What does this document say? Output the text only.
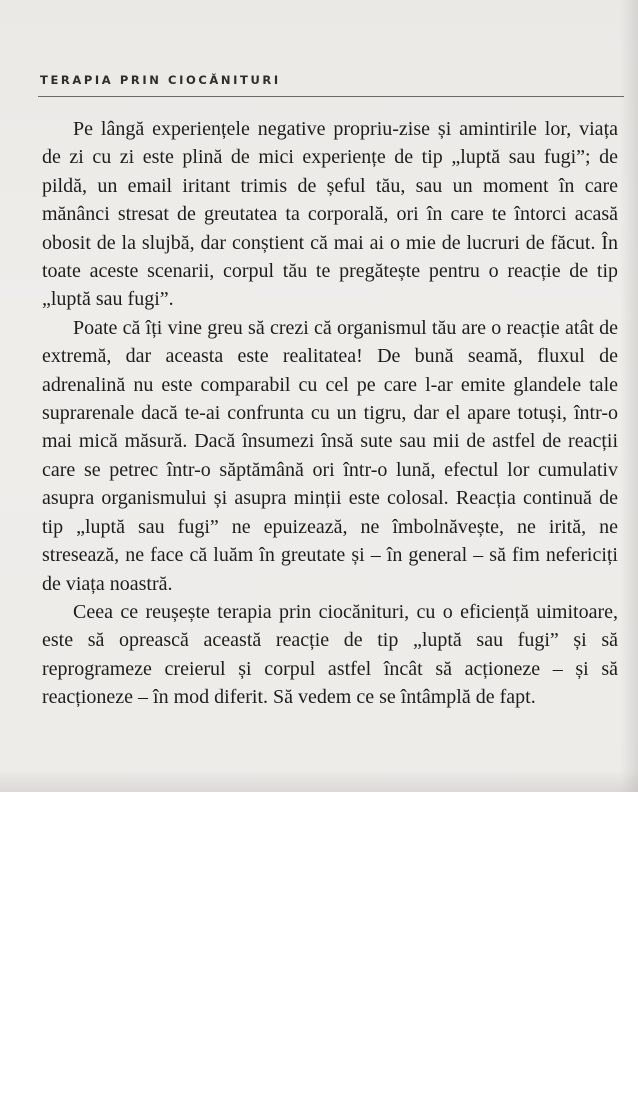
TERAPIA PRIN CIOCĂNITURI

Pe lângă experiențele negative propriu-zise și amintirile lor, viața de zi cu zi este plină de mici experiențe de tip „luptă sau fugi”; de pildă, un email iritant trimis de șeful tău, sau un moment în care mănânci stresat de greutatea ta corporală, ori în care te întorci acasă obosit de la slujbă, dar conștient că mai ai o mie de lucruri de făcut. În toate aceste scenarii, corpul tău te pregătește pentru o reacție de tip „luptă sau fugi”.

Poate că îți vine greu să crezi că organismul tău are o reacție atât de extremă, dar aceasta este realitatea! De bună seamă, fluxul de adrenalină nu este comparabil cu cel pe care l-ar emite glandele tale suprarenale dacă te-ai confrunta cu un tigru, dar el apare totuși, într-o mai mică măsură. Dacă însumezi însă sute sau mii de astfel de reacții care se petrec într-o săptămână ori într-o lună, efectul lor cumulativ asupra organismului și asupra minții este colosal. Reacția continuă de tip „luptă sau fugi” ne epuizează, ne îmbolnăvește, ne irită, ne stresează, ne face că luăm în greutate și – în general – să fim nefericiți de viața noastră.

Ceea ce reușește terapia prin ciocănituri, cu o eficiență uimitoare, este să oprească această reacție de tip „luptă sau fugi” și să reprogrameze creierul și corpul astfel încât să acționeze – și să reacționeze – în mod diferit. Să vedem ce se întâmplă de fapt.
